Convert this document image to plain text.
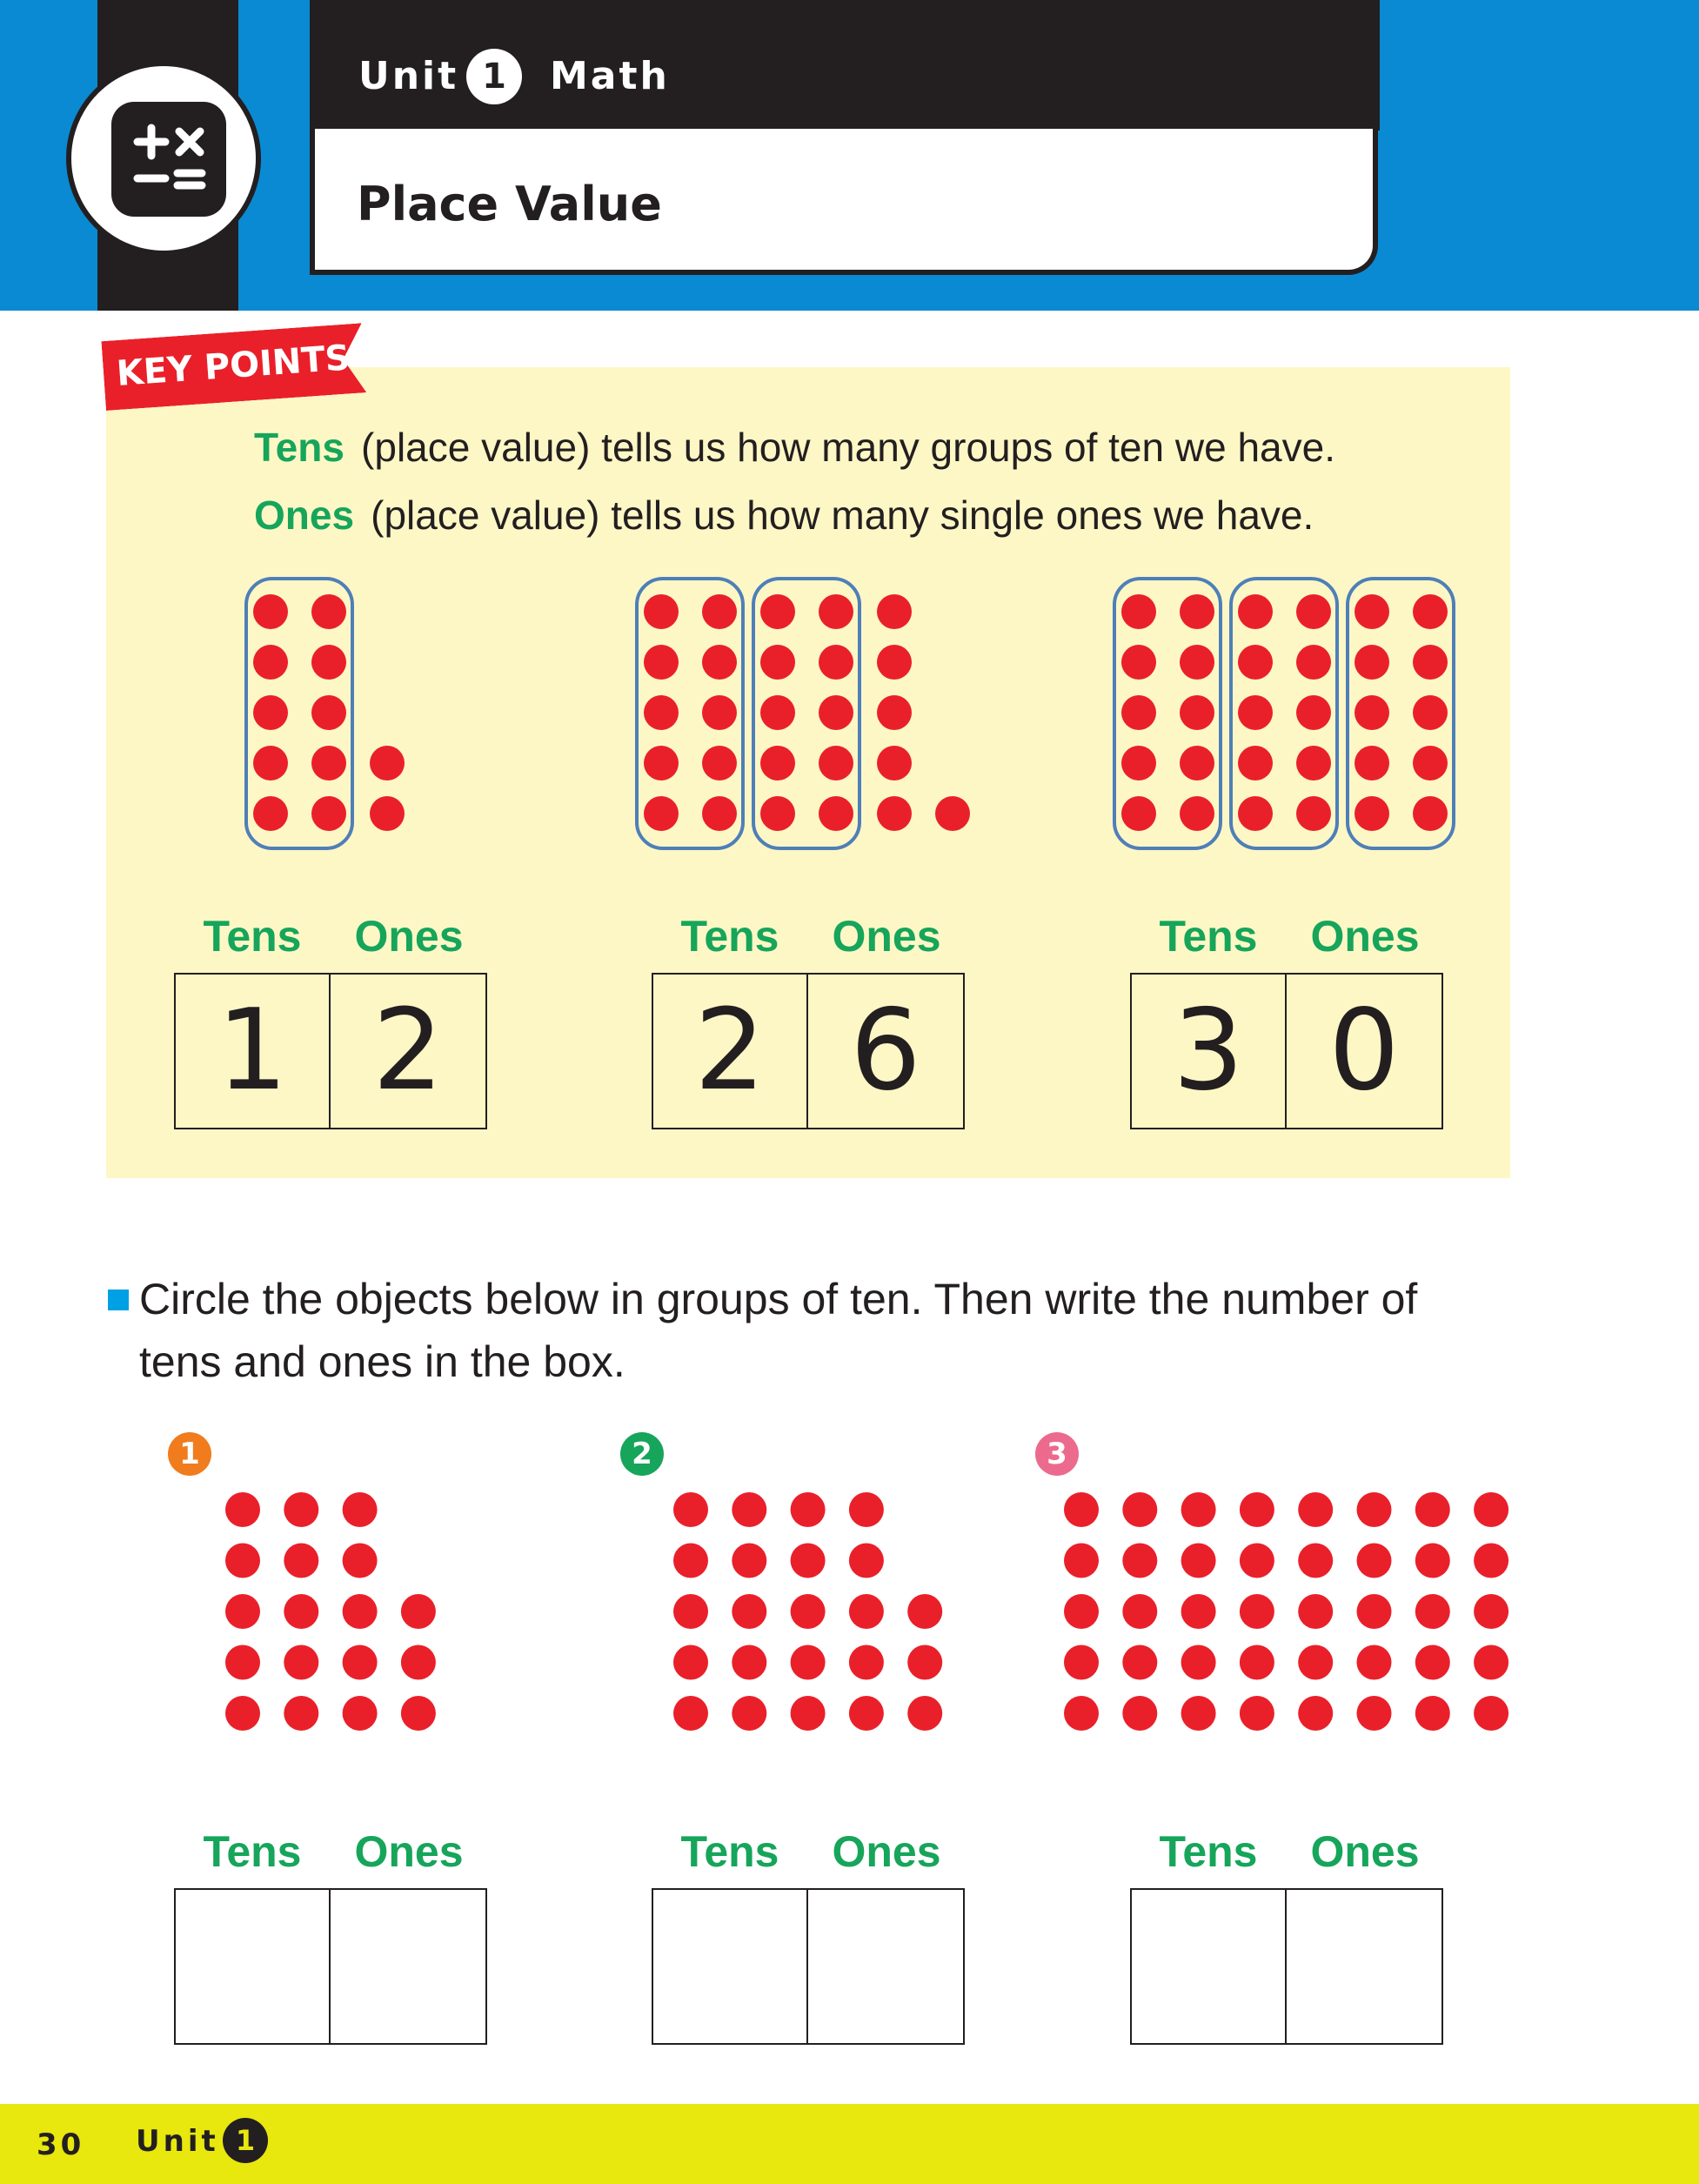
Unit 1	Math
Place Value
KEY POINTS
Tens (place value) tells us how many groups of ten we have.
Ones (place value) tells us how many single ones we have.
Tens	Ones
1 2
Tens	Ones
2 6
Tens	Ones
3 0
Circle the objects below in groups of ten. Then write the number of
tens and ones in the box.
1	2	3
Tens	Ones	Tens	Ones	Tens	Ones
30 Unit 1
